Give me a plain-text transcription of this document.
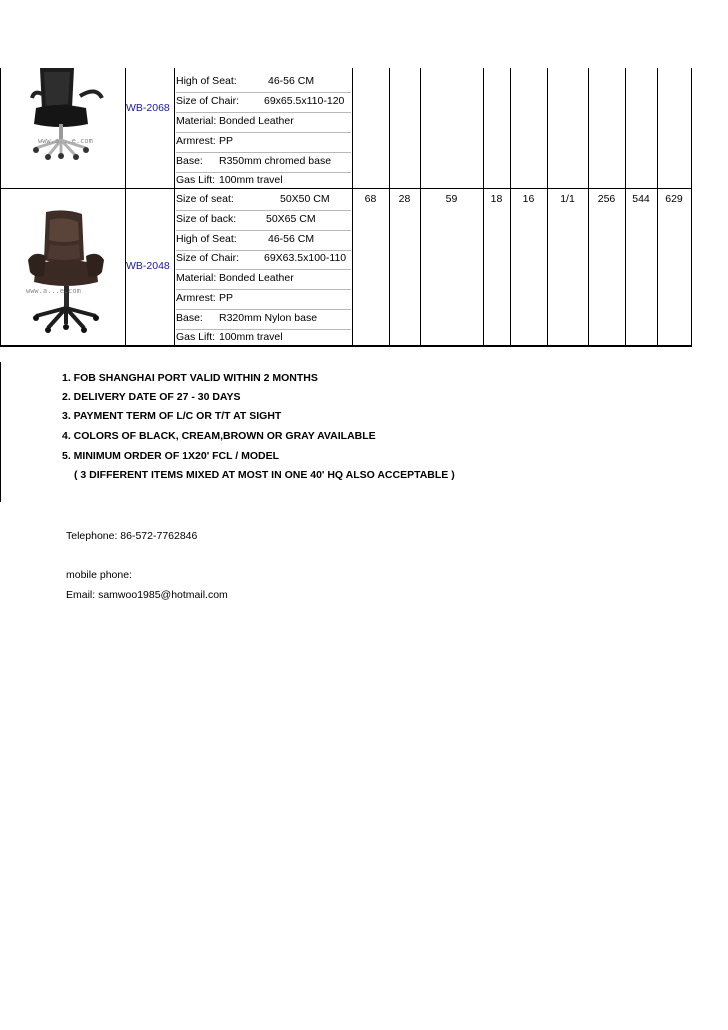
www.a...e.com
WB-2068
High of Seat:	46-56 CM
Size of Chair: 69x65.5x110-120
Material: Bonded Leather
Armrest: PP
Base: R350mm chromed base
Gas Lift: 100mm travel
www.a...e.com
WB-2048
Size of seat:	50X50 CM
Size of back:	50X65 CM
High of Seat:	46-56 CM
Size of Chair: 69X63.5x100-110
Material: Bonded Leather
Armrest: PP
Base: R320mm Nylon base
Gas Lift: 100mm travel
68	28	59	18	16	1/1	256	544	629
1. FOB SHANGHAI PORT VALID WITHIN 2 MONTHS
2. DELIVERY DATE OF 27 - 30 DAYS
3. PAYMENT TERM OF L/C OR T/T AT SIGHT
4. COLORS OF BLACK, CREAM,BROWN OR GRAY AVAILABLE
5. MINIMUM ORDER OF 1X20' FCL / MODEL
( 3 DIFFERENT ITEMS MIXED AT MOST IN ONE 40' HQ ALSO ACCEPTABLE )
Telephone: 86-572-7762846
mobile phone:
Email: samwoo1985@hotmail.com
